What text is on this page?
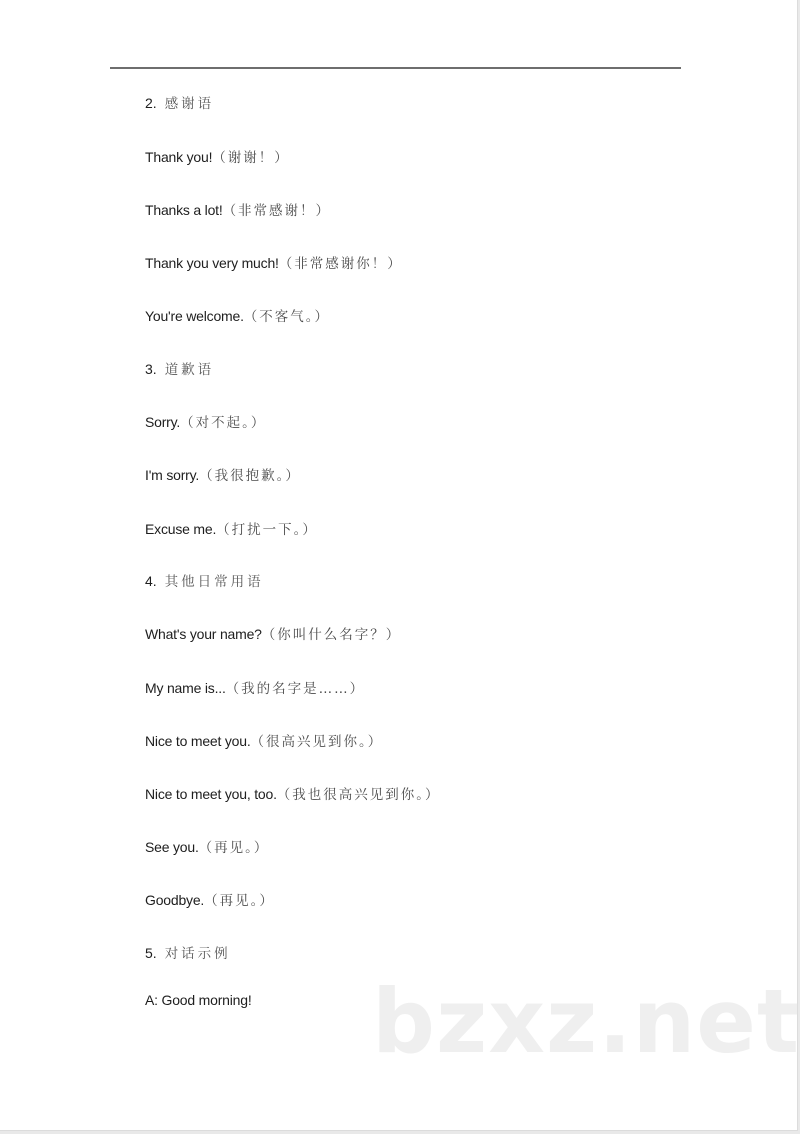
2. 感谢语
Thank you!（谢谢！）
Thanks a lot!（非常感谢！）
Thank you very much!（非常感谢你！）
You're welcome.（不客气。）
3. 道歉语
Sorry.（对不起。）
I'm sorry.（我很抱歉。）
Excuse me.（打扰一下。）
4. 其他日常用语
What's your name?（你叫什么名字？）
My name is...（我的名字是……）
Nice to meet you.（很高兴见到你。）
Nice to meet you, too.（我也很高兴见到你。）
See you.（再见。）
Goodbye.（再见。）
5. 对话示例
A: Good morning! bzxz.net
